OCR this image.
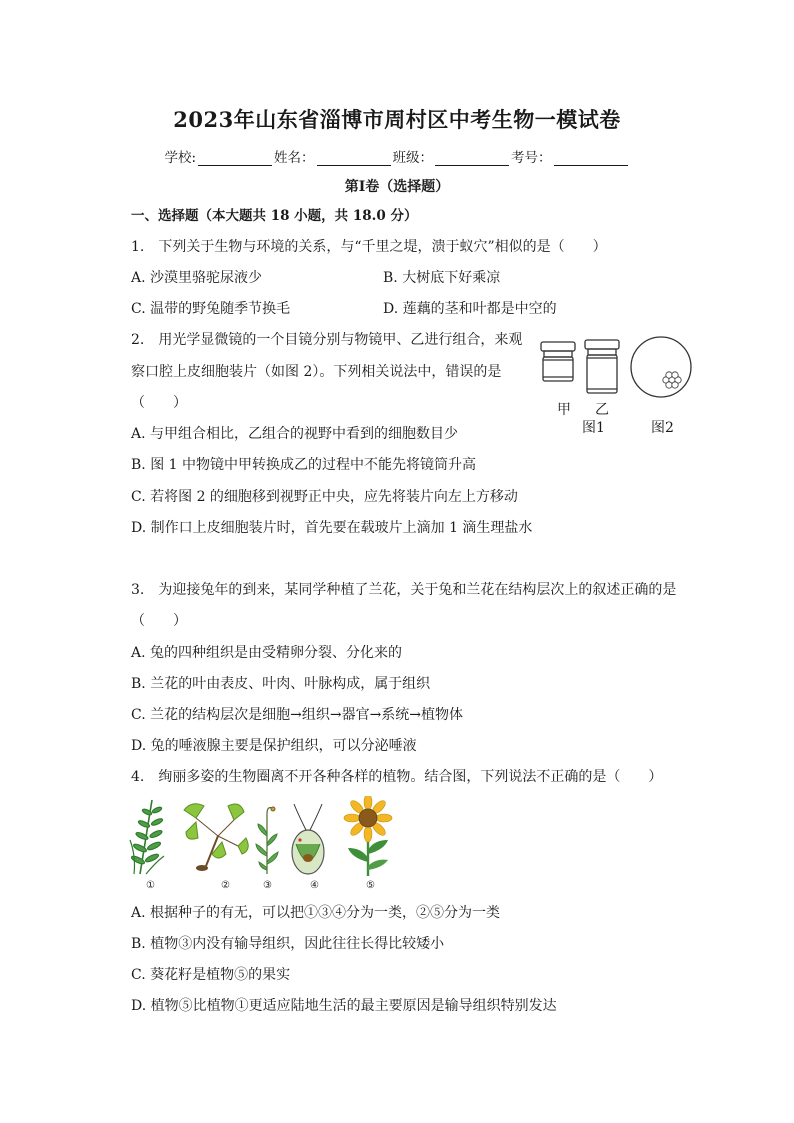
2023年山东省淄博市周村区中考生物一模试卷
学校:	姓名：	班级：	考号：
第I卷（选择题）
一、选择题（本大题共 18 小题，共 18.0 分）
1.　下列关于生物与环境的关系，与“千里之堤，溃于蚁穴”相似的是（　　）
A. 沙漠里骆驼尿液少	B. 大树底下好乘凉
C. 温带的野兔随季节换毛	D. 莲藕的茎和叶都是中空的
2.　用光学显微镜的一个目镜分别与物镜甲、乙进行组合，来观
察口腔上皮细胞装片（如图 2）。下列相关说法中，错误的是
（　　）
A. 与甲组合相比，乙组合的视野中看到的细胞数目少
B. 图 1 中物镜中甲转换成乙的过程中不能先将镜筒升高
C. 若将图 2 的细胞移到视野正中央，应先将装片向左上方移动
D. 制作口上皮细胞装片时，首先要在载玻片上滴加 1 滴生理盐水
甲 乙
图1	图2
3.　为迎接兔年的到来，某同学种植了兰花，关于兔和兰花在结构层次上的叙述正确的是
（　　）
A. 兔的四种组织是由受精卵分裂、分化来的
B. 兰花的叶由表皮、叶肉、叶脉构成，属于组织
C. 兰花的结构层次是细胞→组织→器官→系统→植物体
D. 兔的唾液腺主要是保护组织，可以分泌唾液
4.　绚丽多姿的生物圈离不开各种各样的植物。结合图，下列说法不正确的是（　　）
①	②	③	④	⑤
A. 根据种子的有无，可以把①③④分为一类，②⑤分为一类
B. 植物③内没有输导组织，因此往往长得比较矮小
C. 葵花籽是植物⑤的果实
D. 植物⑤比植物①更适应陆地生活的最主要原因是输导组织特别发达
